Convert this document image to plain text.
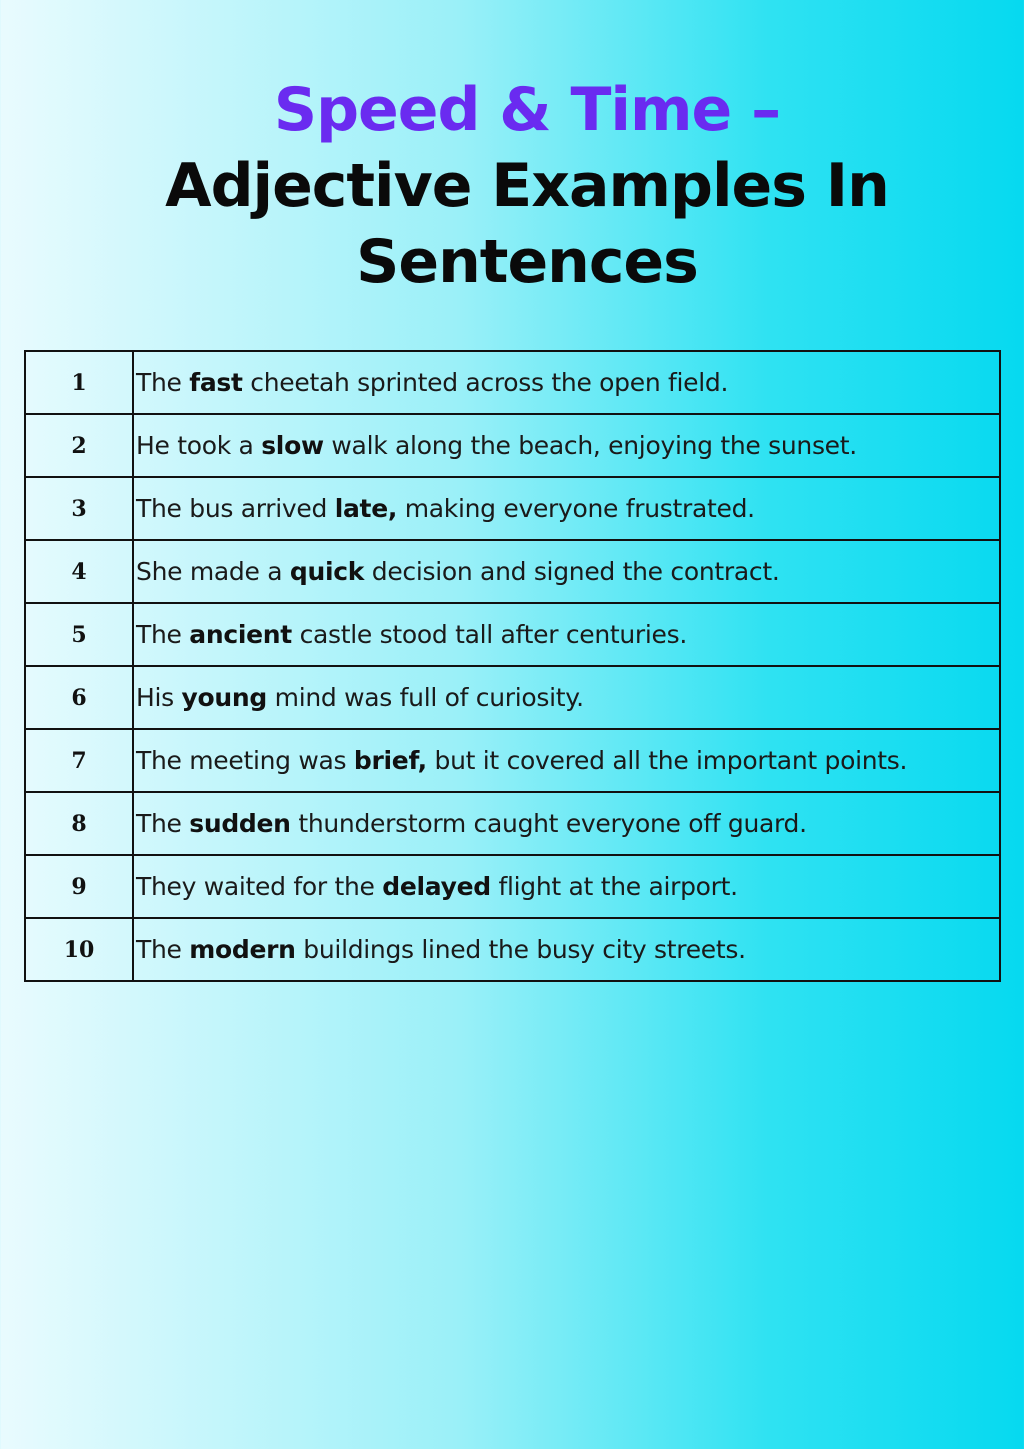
Speed & Time –
Adjective Examples In
Sentences
1	The fast cheetah sprinted across the open field.
2	He took a slow walk along the beach, enjoying the sunset.
3	The bus arrived late, making everyone frustrated.
4	She made a quick decision and signed the contract.
5	The ancient castle stood tall after centuries.
6	His young mind was full of curiosity.
7	The meeting was brief, but it covered all the important points.
8	The sudden thunderstorm caught everyone off guard.
9	They waited for the delayed flight at the airport.
10	The modern buildings lined the busy city streets.
